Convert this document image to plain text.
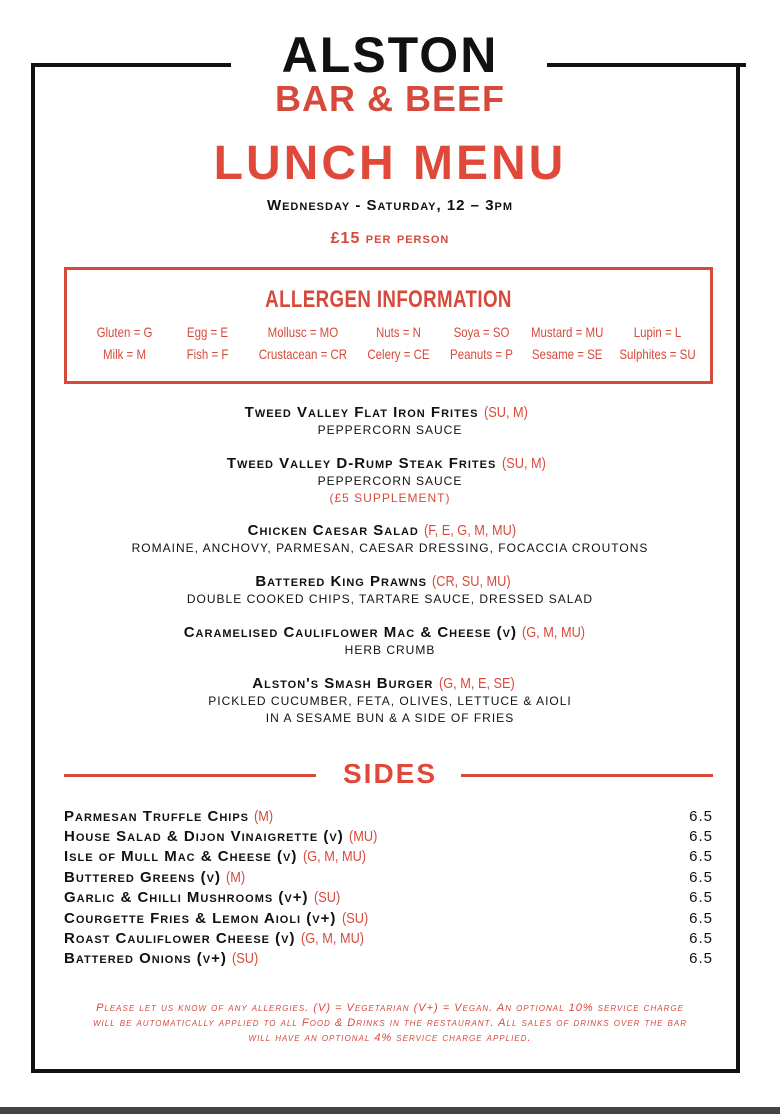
ALSTON
BAR & BEEF
LUNCH MENU
Wednesday - Saturday, 12 – 3pm
£15 per person
ALLERGEN INFORMATION
Gluten = G	Egg = E	Mollusc = MO	Nuts = N	Soya = SO	Mustard = MU	Lupin = L
Milk = M	Fish = F	Crustacean = CR Celery = CE Peanuts = P Sesame = SE Sulphites = SU
Tweed Valley Flat Iron Frites (SU, M)
PEPPERCORN SAUCE
Tweed Valley D-Rump Steak Frites (SU, M)
PEPPERCORN SAUCE
(£5 SUPPLEMENT)
Chicken Caesar Salad (F, E, G, M, MU)
ROMAINE, ANCHOVY, PARMESAN, CAESAR DRESSING, FOCACCIA CROUTONS
Battered King Prawns (CR, SU, MU)
DOUBLE COOKED CHIPS, TARTARE SAUCE, DRESSED SALAD
Caramelised Cauliflower Mac & Cheese (v) (G, M, MU)
HERB CRUMB
Alston's Smash Burger (G, M, E, SE)
PICKLED CUCUMBER, FETA, OLIVES, LETTUCE & AIOLI
IN A SESAME BUN & A SIDE OF FRIES
SIDES
Parmesan Truffle Chips (M)	6.5
House Salad & Dijon Vinaigrette (v) (MU)	6.5
Isle of Mull Mac & Cheese (v) (G, M, MU)	6.5
Buttered Greens (v) (M)	6.5
Garlic & Chilli Mushrooms (v+) (SU)	6.5
Courgette Fries & Lemon Aioli (v+) (SU)	6.5
Roast Cauliflower Cheese (v) (G, M, MU)	6.5
Battered Onions (v+) (SU)	6.5
Please let us know of any allergies. (V) = Vegetarian (V+) = Vegan. An optional 10% service charge will be automatically applied to all Food & Drinks in the restaurant. All sales of drinks over the bar will have an optional 4% service charge applied.
